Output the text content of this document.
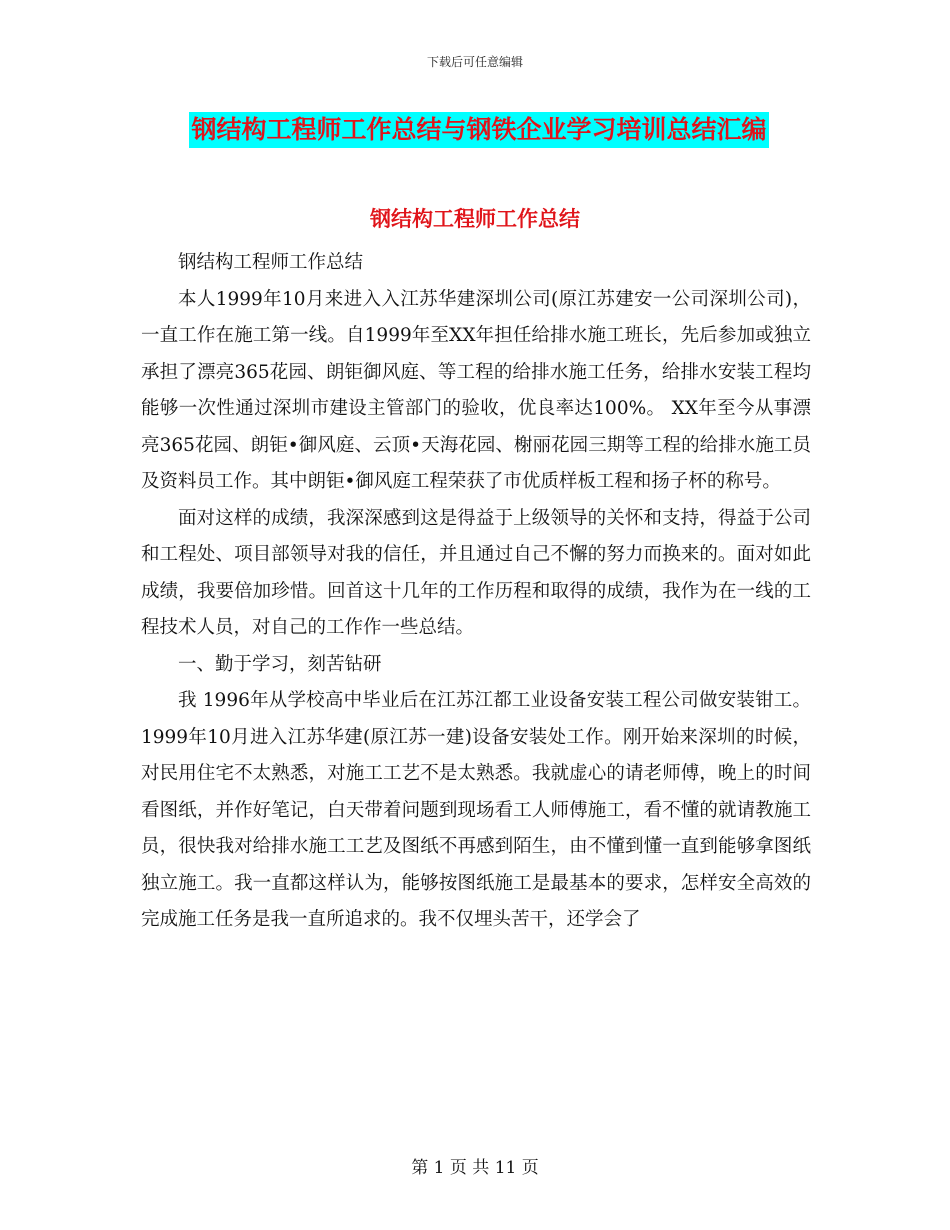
下载后可任意编辑
钢结构工程师工作总结与钢铁企业学习培训总结汇编
钢结构工程师工作总结

钢结构工程师工作总结

本人1999年10月来进入入江苏华建深圳公司(原江苏建安一公司深圳公司)，一直工作在施工第一线。自1999年至XX年担任给排水施工班长，先后参加或独立承担了漂亮365花园、朗钜御风庭、等工程的给排水施工任务，给排水安装工程均能够一次性通过深圳市建设主管部门的验收，优良率达100%。 XX年至今从事漂亮365花园、朗钜•御风庭、云顶•天海花园、榭丽花园三期等工程的给排水施工员及资料员工作。其中朗钜•御风庭工程荣获了市优质样板工程和扬子杯的称号。

面对这样的成绩，我深深感到这是得益于上级领导的关怀和支持，得益于公司和工程处、项目部领导对我的信任，并且通过自己不懈的努力而换来的。面对如此成绩，我要倍加珍惜。回首这十几年的工作历程和取得的成绩，我作为在一线的工程技术人员，对自己的工作作一些总结。

一、勤于学习，刻苦钻研

我 1996年从学校高中毕业后在江苏江都工业设备安装工程公司做安装钳工。1999年10月进入江苏华建(原江苏一建)设备安装处工作。刚开始来深圳的时候，对民用住宅不太熟悉，对施工工艺不是太熟悉。我就虚心的请老师傅，晚上的时间看图纸，并作好笔记，白天带着问题到现场看工人师傅施工，看不懂的就请教施工员，很快我对给排水施工工艺及图纸不再感到陌生，由不懂到懂一直到能够拿图纸独立施工。我一直都这样认为，能够按图纸施工是最基本的要求，怎样安全高效的完成施工任务是我一直所追求的。我不仅埋头苦干，还学会了

第 1 页 共 11 页
